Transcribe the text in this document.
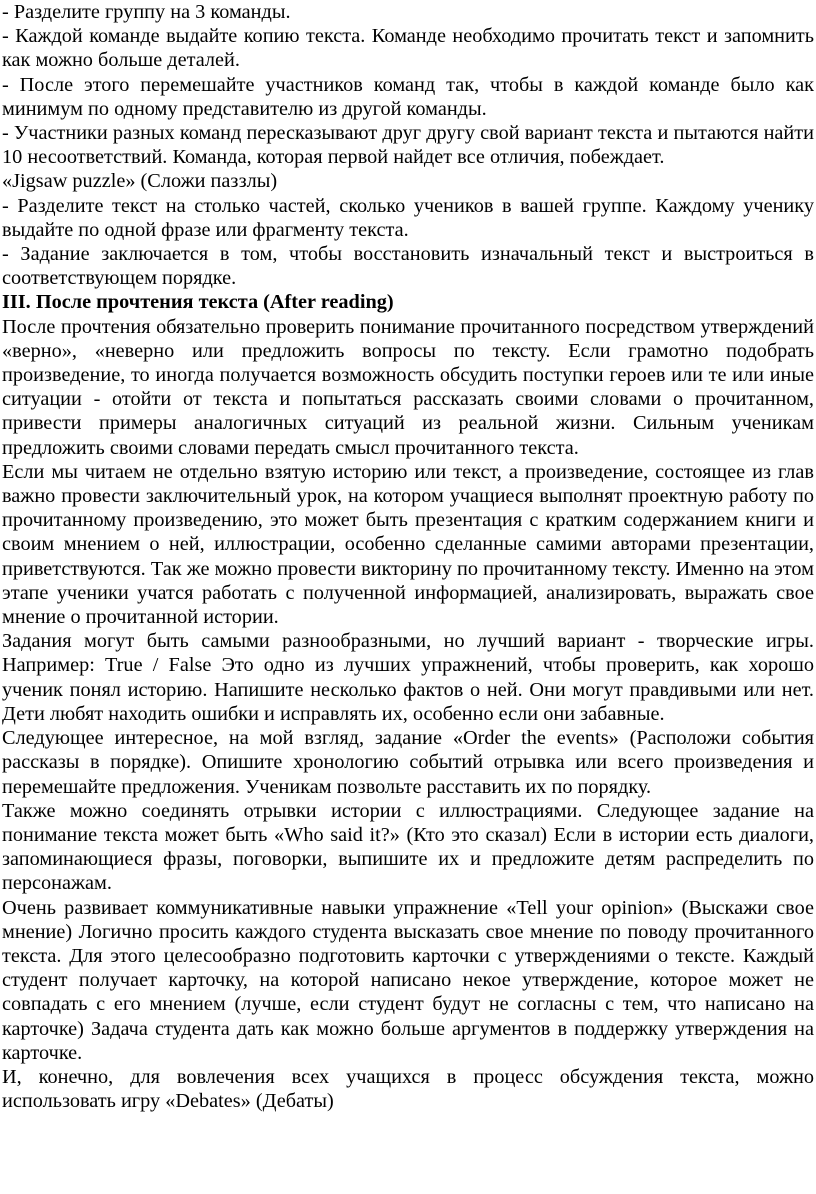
- Разделите группу на 3 команды.

- Каждой команде выдайте копию текста. Команде необходимо прочитать текст и запомнить как можно больше деталей.

- После этого перемешайте участников команд так, чтобы в каждой команде было как минимум по одному представителю из другой команды.

- Участники разных команд пересказывают друг другу свой вариант текста и пытаются найти 10 несоответствий. Команда, которая первой найдет все отличия, побеждает.

«Jigsaw puzzle» (Сложи паззлы)

- Разделите текст на столько частей, сколько учеников в вашей группе. Каждому ученику выдайте по одной фразе или фрагменту текста.

- Задание заключается в том, чтобы восстановить изначальный текст и выстроиться в соответствующем порядке.

III. После прочтения текста (After reading)

После прочтения обязательно проверить понимание прочитанного посредством утверждений «верно», «неверно или предложить вопросы по тексту. Если грамотно подобрать произведение, то иногда получается возможность обсудить поступки героев или те или иные ситуации - отойти от текста и попытаться рассказать своими словами о прочитанном, привести примеры аналогичных ситуаций из реальной жизни. Сильным ученикам предложить своими словами передать смысл прочитанного текста.

Если мы читаем не отдельно взятую историю или текст, а произведение, состоящее из глав важно провести заключительный урок, на котором учащиеся выполнят проектную работу по прочитанному произведению, это может быть презентация с кратким содержанием книги и своим мнением о ней, иллюстрации, особенно сделанные самими авторами презентации, приветствуются. Так же можно провести викторину по прочитанному тексту. Именно на этом этапе ученики учатся работать с полученной информацией, анализировать, выражать свое мнение о прочитанной истории.

Задания могут быть самыми разнообразными, но лучший вариант - творческие игры. Например: True / False Это одно из лучших упражнений, чтобы проверить, как хорошо ученик понял историю. Напишите несколько фактов о ней. Они могут правдивыми или нет. Дети любят находить ошибки и исправлять их, особенно если они забавные.

Следующее интересное, на мой взгляд, задание «Order the events» (Расположи события рассказы в порядке). Опишите хронологию событий отрывка или всего произведения и перемешайте предложения. Ученикам позвольте расставить их по порядку.

Также можно соединять отрывки истории с иллюстрациями. Следующее задание на понимание текста может быть «Who said it?» (Кто это сказал) Если в истории есть диалоги, запоминающиеся фразы, поговорки, выпишите их и предложите детям распределить по персонажам.

Очень развивает коммуникативные навыки упражнение «Tell your opinion» (Выскажи свое мнение) Логично просить каждого студента высказать свое мнение по поводу прочитанного текста. Для этого целесообразно подготовить карточки с утверждениями о тексте. Каждый студент получает карточку, на которой написано некое утверждение, которое может не совпадать с его мнением (лучше, если студент будут не согласны с тем, что написано на карточке) Задача студента дать как можно больше аргументов в поддержку утверждения на карточке.

И, конечно, для вовлечения всех учащихся в процесс обсуждения текста, можно использовать игру «Debates» (Дебаты)
